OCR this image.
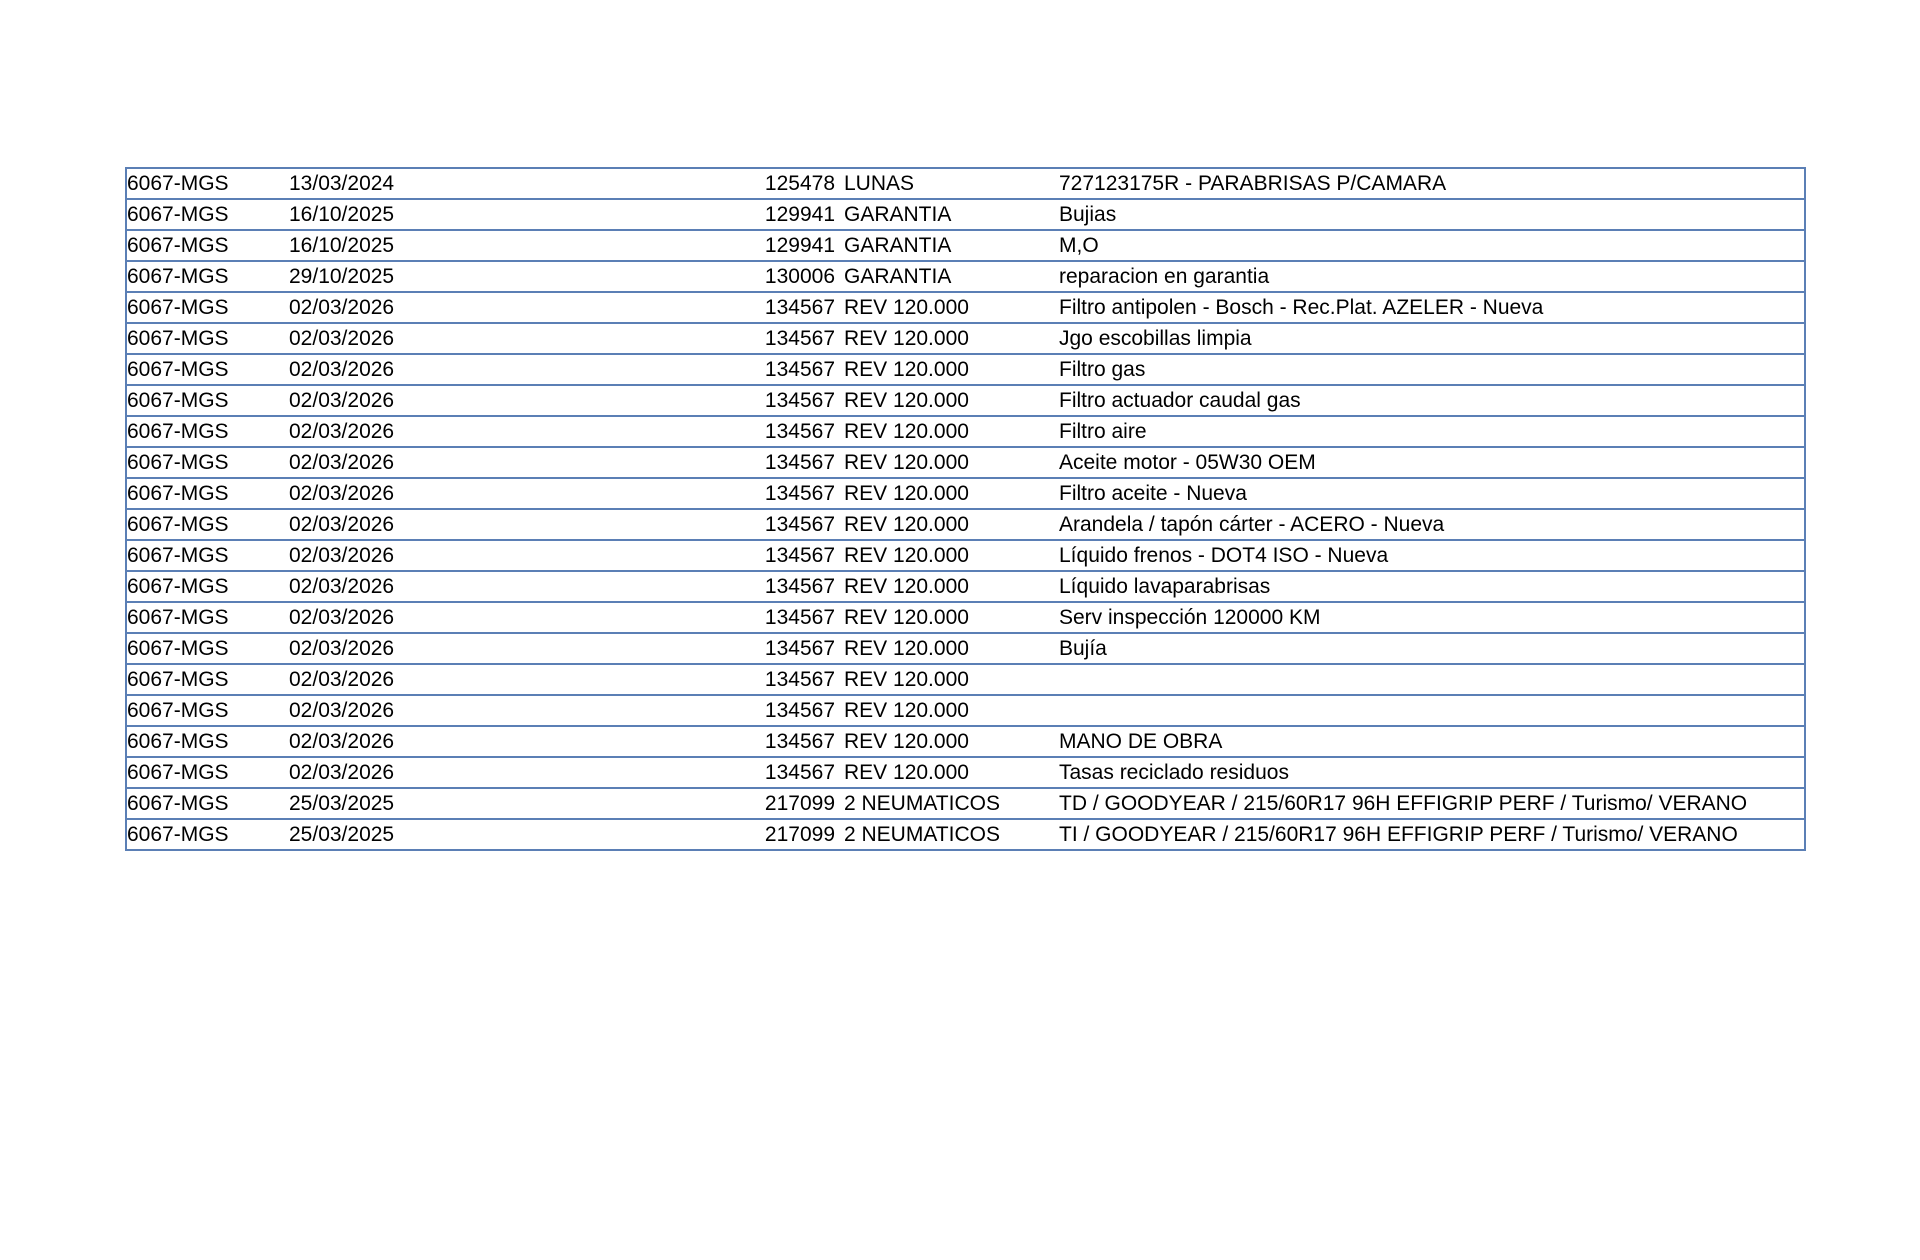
6067-MGS	13/03/2024	125478		LUNAS	727123175R - PARABRISAS P/CAMARA
6067-MGS	16/10/2025	129941		GARANTIA	Bujias
6067-MGS	16/10/2025	129941		GARANTIA	M,O
6067-MGS	29/10/2025	130006		GARANTIA	reparacion en garantia
6067-MGS	02/03/2026	134567		REV 120.000	Filtro antipolen - Bosch - Rec.Plat. AZELER - Nueva
6067-MGS	02/03/2026	134567		REV 120.000	Jgo escobillas limpia
6067-MGS	02/03/2026	134567		REV 120.000	Filtro gas
6067-MGS	02/03/2026	134567		REV 120.000	Filtro actuador caudal gas
6067-MGS	02/03/2026	134567		REV 120.000	Filtro aire
6067-MGS	02/03/2026	134567		REV 120.000	Aceite motor - 05W30 OEM
6067-MGS	02/03/2026	134567		REV 120.000	Filtro aceite - Nueva
6067-MGS	02/03/2026	134567		REV 120.000	Arandela / tapón cárter - ACERO - Nueva
6067-MGS	02/03/2026	134567		REV 120.000	Líquido frenos - DOT4 ISO - Nueva
6067-MGS	02/03/2026	134567		REV 120.000	Líquido lavaparabrisas
6067-MGS	02/03/2026	134567		REV 120.000	Serv inspección 120000 KM
6067-MGS	02/03/2026	134567		REV 120.000	Bujía
6067-MGS	02/03/2026	134567		REV 120.000	
6067-MGS	02/03/2026	134567		REV 120.000	
6067-MGS	02/03/2026	134567		REV 120.000	MANO DE OBRA
6067-MGS	02/03/2026	134567		REV 120.000	Tasas reciclado residuos
6067-MGS	25/03/2025	217099		2 NEUMATICOS	TD / GOODYEAR / 215/60R17 96H EFFIGRIP PERF / Turismo/ VERANO
6067-MGS	25/03/2025	217099		2 NEUMATICOS	TI / GOODYEAR / 215/60R17 96H EFFIGRIP PERF / Turismo/ VERANO
